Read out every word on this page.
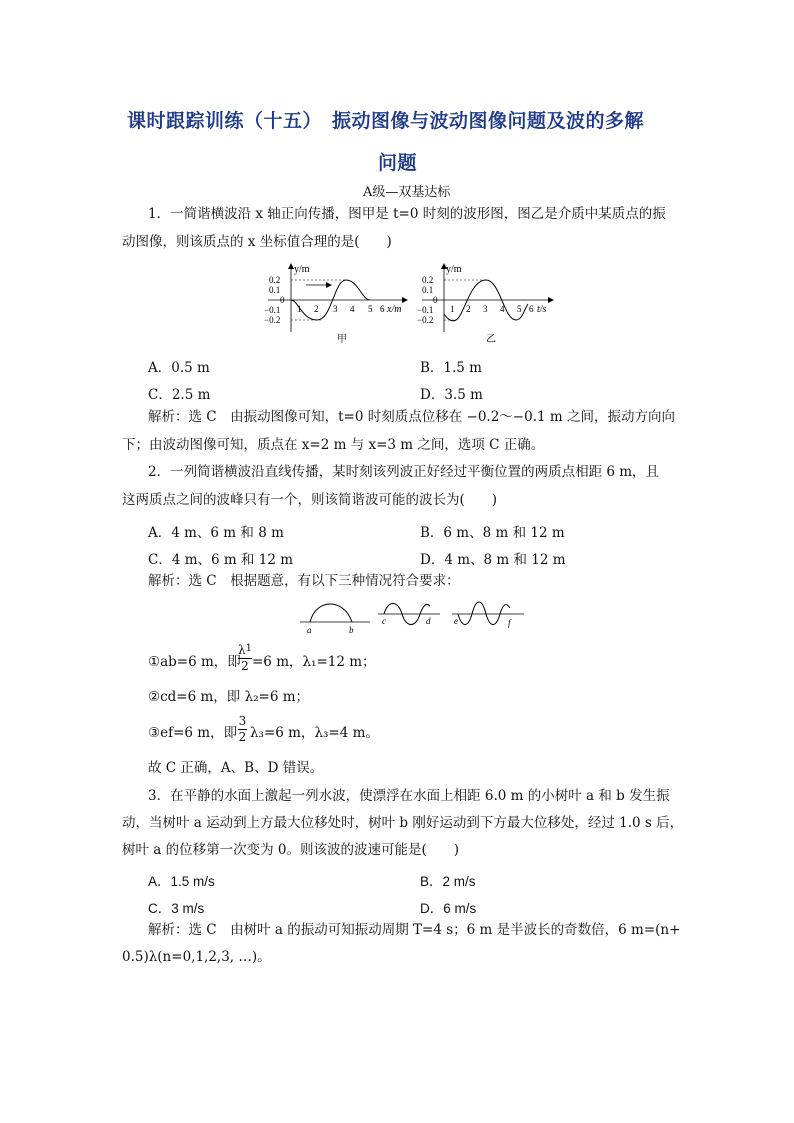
课时跟踪训练（十五）　振动图像与波动图像问题及波的多解
问题
A级—双基达标
1．一简谐横波沿 x 轴正向传播，图甲是 t=0 时刻的波形图，图乙是介质中某质点的振
动图像，则该质点的 x 坐标值合理的是(　　)
y/m
x/m
0.2
0.1
0
−0.1
−0.2
1 2 3 4 5 6
甲
y/m
t/s
0.2
0.1
0
−0.1
−0.2
1 2 3 4 5 6
乙
A．0.5 m	B．1.5 m
C．2.5 m	D．3.5 m
解析：选 C　由振动图像可知，t=0 时刻质点位移在 −0.2～−0.1 m 之间，振动方向向
下；由波动图像可知，质点在 x=2 m 与 x=3 m 之间，选项 C 正确。
2．一列简谐横波沿直线传播，某时刻该列波正好经过平衡位置的两质点相距 6 m，且
这两质点之间的波峰只有一个，则该简谐波可能的波长为(　　)
A．4 m、6 m 和 8 m	B．6 m、8 m 和 12 m
C．4 m、6 m 和 12 m	D．4 m、8 m 和 12 m
解析：选 C　根据题意，有以下三种情况符合要求：
a	b
c	d	e	f
①ab=6 m，即
$\lambda^1$
2 =6 m，λ₁=12 m；
②cd=6 m，即 λ₂=6 m；
③ef=6 m，即
3
2 λ₃=6 m，λ₃=4 m。
故 C 正确，A、B、D 错误。
3．在平静的水面上激起一列水波，使漂浮在水面上相距 6.0 m 的小树叶 a 和 b 发生振
动，当树叶 a 运动到上方最大位移处时，树叶 b 刚好运动到下方最大位移处，经过 1.0 s 后，
树叶 a 的位移第一次变为 0。则该波的波速可能是(　　)
A．1.5 m/s	B．2 m/s
C．3 m/s	D．6 m/s
解析：选 C　由树叶 a 的振动可知振动周期 T=4 s；6 m 是半波长的奇数倍，6 m=(n+
0.5)λ(n=0,1,2,3, …)。
